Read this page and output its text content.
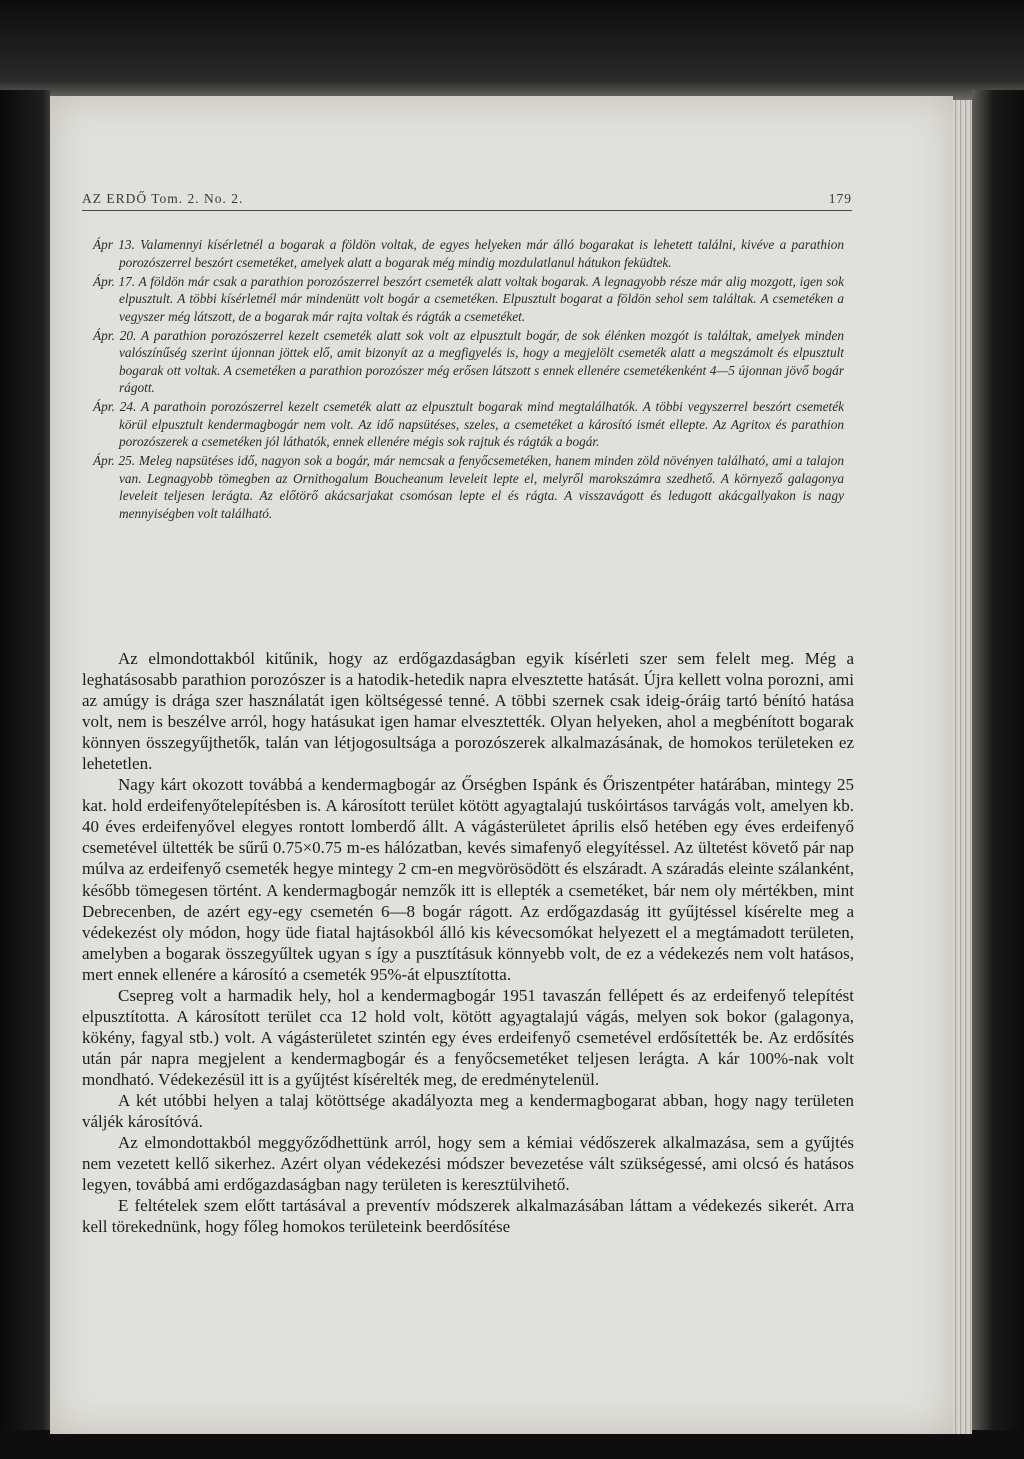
AZ ERDŐ Tom. 2. No. 2.	179

Ápr 13. Valamennyi kísérletnél a bogarak a földön voltak, de egyes helyeken már álló bogarakat is lehetett találni, kivéve a parathion porozószerrel beszórt csemetéket, amelyek alatt a bogarak még mindig mozdulatlanul hátukon feküdtek.

Ápr. 17. A földön már csak a parathion porozószerrel beszórt csemeték alatt voltak bogarak. A legnagyobb része már alig mozgott, igen sok elpusztult. A többi kísérletnél már mindenütt volt bogár a csemetéken. Elpusztult bogarat a földön sehol sem találtak. A csemetéken a vegyszer még látszott, de a bogarak már rajta voltak és rágták a csemetéket.

Ápr. 20. A parathion porozószerrel kezelt csemeték alatt sok volt az elpusztult bogár, de sok élénken mozgót is találtak, amelyek minden valószínűség szerint újonnan jöttek elő, amit bizonyít az a megfigyelés is, hogy a megjelölt csemeték alatt a megszámolt és elpusztult bogarak ott voltak. A csemetéken a parathion porozószer még erősen látszott s ennek ellenére csemetékenként 4—5 újonnan jövő bogár rágott.

Ápr. 24. A parathoin porozószerrel kezelt csemeték alatt az elpusztult bogarak mind megtalálhatók. A többi vegyszerrel beszórt csemeték körül elpusztult kendermagbogár nem volt. Az idő napsütéses, szeles, a csemetéket a károsító ismét ellepte. Az Agritox és parathion porozószerek a csemetéken jól láthatók, ennek ellenére mégis sok rajtuk és rágták a bogár.

Ápr. 25. Meleg napsütéses idő, nagyon sok a bogár, már nemcsak a fenyőcsemetéken, hanem minden zöld növényen található, ami a talajon van. Legnagyobb tömegben az Ornithogalum Boucheanum leveleit lepte el, melyről marokszámra szedhető. A környező galagonya leveleit teljesen lerágta. Az előtörő akácsarjakat csomósan lepte el és rágta. A visszavágott és ledugott akácgallyakon is nagy mennyiségben volt található.

Az elmondottakból kitűnik, hogy az erdőgazdaságban egyik kísérleti szer sem felelt meg. Még a leghatásosabb parathion porozószer is a hatodik-hetedik napra elvesztette hatását. Újra kellett volna porozni, ami az amúgy is drága szer használatát igen költségessé tenné. A többi szernek csak ideig-óráig tartó bénító hatása volt, nem is beszélve arról, hogy hatásukat igen hamar elvesztették. Olyan helyeken, ahol a megbénított bogarak könnyen összegyűjthetők, talán van létjogosultsága a porozószerek alkalmazásának, de homokos területeken ez lehetetlen.

Nagy kárt okozott továbbá a kendermagbogár az Őrségben Ispánk és Őriszentpéter határában, mintegy 25 kat. hold erdeifenyőtelepítésben is. A károsított terület kötött agyagtalajú tuskóirtásos tarvágás volt, amelyen kb. 40 éves erdeifenyővel elegyes rontott lomberdő állt. A vágásterületet április első hetében egy éves erdeifenyő csemetével ültették be sűrű 0.75×0.75 m-es hálózatban, kevés simafenyő elegyítéssel. Az ültetést követő pár nap múlva az erdeifenyő csemeték hegye mintegy 2 cm-en megvörösödött és elszáradt. A száradás eleinte szálanként, később tömegesen történt. A kendermagbogár nemzők itt is ellepték a csemetéket, bár nem oly mértékben, mint Debrecenben, de azért egy-egy csemetén 6—8 bogár rágott. Az erdőgazdaság itt gyűjtéssel kísérelte meg a védekezést oly módon, hogy üde fiatal hajtásokból álló kis kévecsomókat helyezett el a megtámadott területen, amelyben a bogarak összegyűltek ugyan s így a pusztításuk könnyebb volt, de ez a védekezés nem volt hatásos, mert ennek ellenére a károsító a csemeték 95%-át elpusztította.

Csepreg volt a harmadik hely, hol a kendermagbogár 1951 tavaszán fellépett és az erdeifenyő telepítést elpusztította. A károsított terület cca 12 hold volt, kötött agyagtalajú vágás, melyen sok bokor (galagonya, kökény, fagyal stb.) volt. A vágásterületet szintén egy éves erdeifenyő csemetével erdősítették be. Az erdősítés után pár napra megjelent a kendermagbogár és a fenyőcsemetéket teljesen lerágta. A kár 100%-nak volt mondható. Védekezésül itt is a gyűjtést kísérelték meg, de eredménytelenül.

A két utóbbi helyen a talaj kötöttsége akadályozta meg a kendermagbogarat abban, hogy nagy területen váljék károsítóvá.

Az elmondottakból meggyőződhettünk arról, hogy sem a kémiai védőszerek alkalmazása, sem a gyűjtés nem vezetett kellő sikerhez. Azért olyan védekezési módszer bevezetése vált szükségessé, ami olcsó és hatásos legyen, továbbá ami erdőgazdaságban nagy területen is keresztülvihető.

E feltételek szem előtt tartásával a preventív módszerek alkalmazásában láttam a védekezés sikerét. Arra kell törekednünk, hogy főleg homokos területeink beerdősítése
